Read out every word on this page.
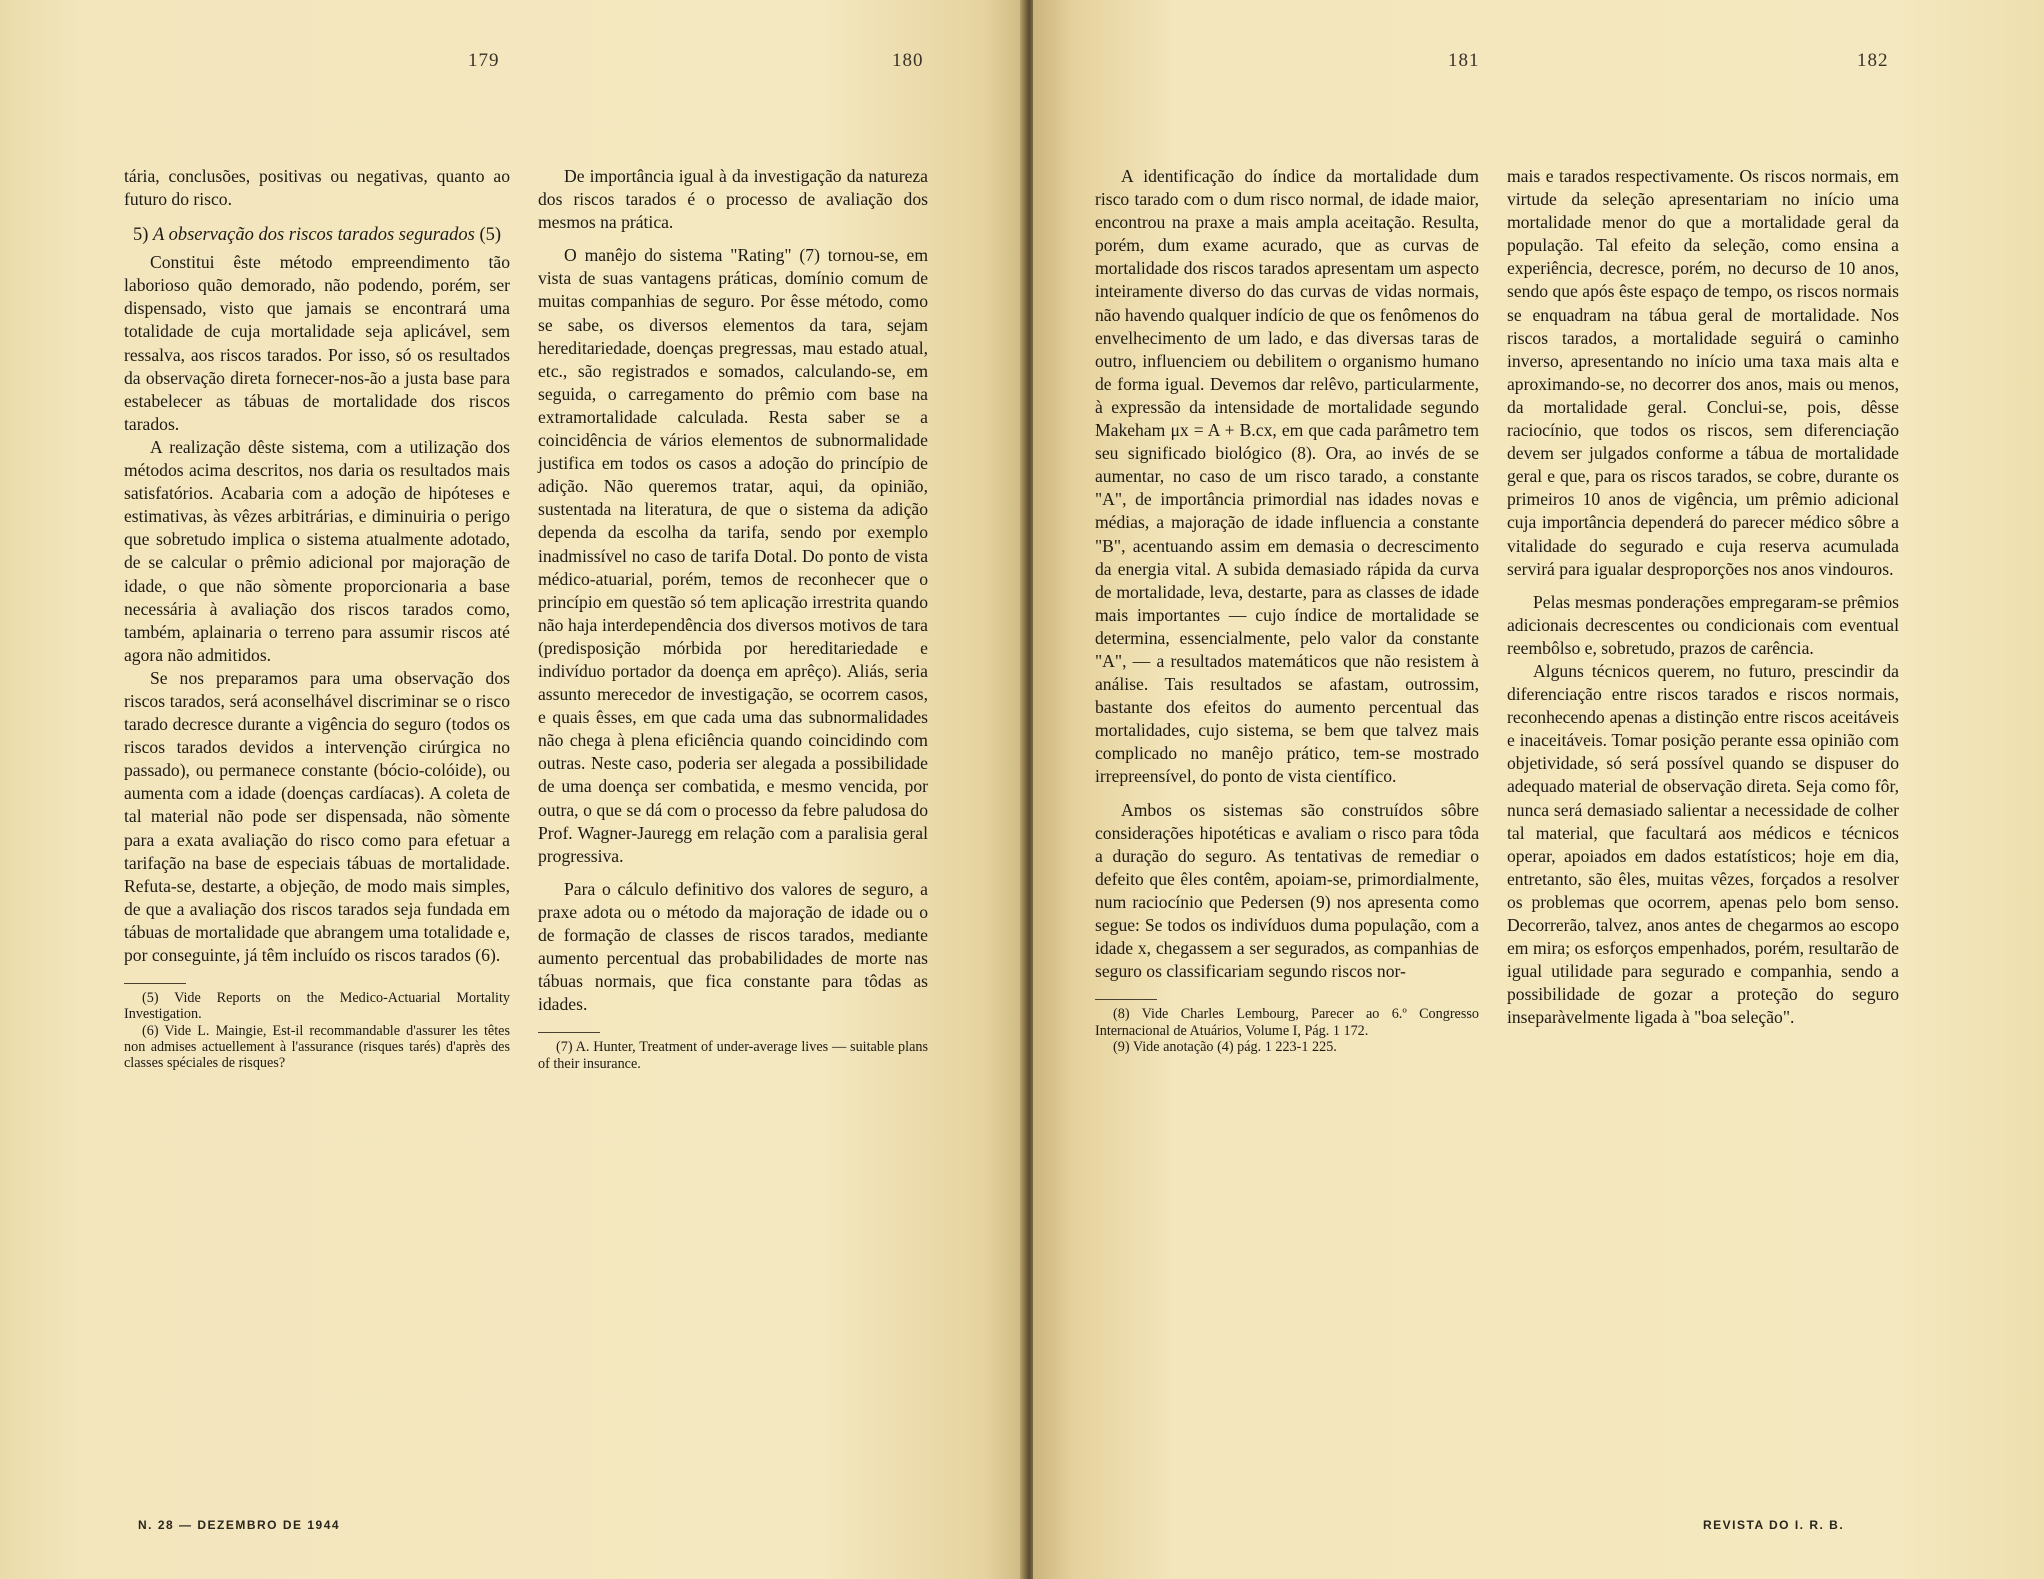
179	180

tária, conclusões, positivas ou negativas, quanto ao futuro do risco.

5) A observação dos riscos tarados segurados (5)

Constitui êste método empreendimento tão laborioso quão demorado, não podendo, porém, ser dispensado, visto que jamais se encontrará uma totalidade de cuja mortalidade seja aplicável, sem ressalva, aos riscos tarados. Por isso, só os resultados da observação direta fornecer-nos-ão a justa base para estabelecer as tábuas de mortalidade dos riscos tarados.

A realização dêste sistema, com a utilização dos métodos acima descritos, nos daria os resultados mais satisfatórios. Acabaria com a adoção de hipóteses e estimativas, às vêzes arbitrárias, e diminuiria o perigo que sobretudo implica o sistema atualmente adotado, de se calcular o prêmio adicional por majoração de idade, o que não sòmente proporcionaria a base necessária à avaliação dos riscos tarados como, também, aplainaria o terreno para assumir riscos até agora não admitidos.

Se nos preparamos para uma observação dos riscos tarados, será aconselhável discriminar se o risco tarado decresce durante a vigência do seguro (todos os riscos tarados devidos a intervenção cirúrgica no passado), ou permanece constante (bócio-colóide), ou aumenta com a idade (doenças cardíacas). A coleta de tal material não pode ser dispensada, não sòmente para a exata avaliação do risco como para efetuar a tarifação na base de especiais tábuas de mortalidade. Refuta-se, destarte, a objeção, de modo mais simples, de que a avaliação dos riscos tarados seja fundada em tábuas de mortalidade que abrangem uma totalidade e, por conseguinte, já têm incluído os riscos tarados (6).

(5) Vide Reports on the Medico-Actuarial Mortality Investigation.

(6) Vide L. Maingie, Est-il recommandable d'assurer les têtes non admises actuellement à l'assurance (risques tarés) d'après des classes spéciales de risques?

De importância igual à da investigação da natureza dos riscos tarados é o processo de avaliação dos mesmos na prática.

O manêjo do sistema "Rating" (7) tornou-se, em vista de suas vantagens práticas, domínio comum de muitas companhias de seguro. Por êsse método, como se sabe, os diversos elementos da tara, sejam hereditariedade, doenças pregressas, mau estado atual, etc., são registrados e somados, calculando-se, em seguida, o carregamento do prêmio com base na extramortalidade calculada. Resta saber se a coincidência de vários elementos de subnormalidade justifica em todos os casos a adoção do princípio de adição. Não queremos tratar, aqui, da opinião, sustentada na literatura, de que o sistema da adição dependa da escolha da tarifa, sendo por exemplo inadmissível no caso de tarifa Dotal. Do ponto de vista médico-atuarial, porém, temos de reconhecer que o princípio em questão só tem aplicação irrestrita quando não haja interdependência dos diversos motivos de tara (predisposição mórbida por hereditariedade e indivíduo portador da doença em aprêço). Aliás, seria assunto merecedor de investigação, se ocorrem casos, e quais êsses, em que cada uma das subnormalidades não chega à plena eficiência quando coincidindo com outras. Neste caso, poderia ser alegada a possibilidade de uma doença ser combatida, e mesmo vencida, por outra, o que se dá com o processo da febre paludosa do Prof. Wagner-Jauregg em relação com a paralisia geral progressiva.

Para o cálculo definitivo dos valores de seguro, a praxe adota ou o método da majoração de idade ou o de formação de classes de riscos tarados, mediante aumento percentual das probabilidades de morte nas tábuas normais, que fica constante para tôdas as idades.

(7) A. Hunter, Treatment of under-average lives — suitable plans of their insurance.

N. 28 — DEZEMBRO DE 1944
181	182

A identificação do índice da mortalidade dum risco tarado com o dum risco normal, de idade maior, encontrou na praxe a mais ampla aceitação. Resulta, porém, dum exame acurado, que as curvas de mortalidade dos riscos tarados apresentam um aspecto inteiramente diverso do das curvas de vidas normais, não havendo qualquer indício de que os fenômenos do envelhecimento de um lado, e das diversas taras de outro, influenciem ou debilitem o organismo humano de forma igual. Devemos dar relêvo, particularmente, à expressão da intensidade de mortalidade segundo Makeham μx = A + B.cx, em que cada parâmetro tem seu significado biológico (8). Ora, ao invés de se aumentar, no caso de um risco tarado, a constante "A", de importância primordial nas idades novas e médias, a majoração de idade influencia a constante "B", acentuando assim em demasia o decrescimento da energia vital. A subida demasiado rápida da curva de mortalidade, leva, destarte, para as classes de idade mais importantes — cujo índice de mortalidade se determina, essencialmente, pelo valor da constante "A", — a resultados matemáticos que não resistem à análise. Tais resultados se afastam, outrossim, bastante dos efeitos do aumento percentual das mortalidades, cujo sistema, se bem que talvez mais complicado no manêjo prático, tem-se mostrado irrepreensível, do ponto de vista científico.

Ambos os sistemas são construídos sôbre considerações hipotéticas e avaliam o risco para tôda a duração do seguro. As tentativas de remediar o defeito que êles contêm, apoiam-se, primordialmente, num raciocínio que Pedersen (9) nos apresenta como segue: Se todos os indivíduos duma população, com a idade x, chegassem a ser segurados, as companhias de seguro os classificariam segundo riscos nor-

(8) Vide Charles Lembourg, Parecer ao 6.º Congresso Internacional de Atuários, Volume I, Pág. 1 172.

(9) Vide anotação (4) pág. 1 223-1 225.

mais e tarados respectivamente. Os riscos normais, em virtude da seleção apresentariam no início uma mortalidade menor do que a mortalidade geral da população. Tal efeito da seleção, como ensina a experiência, decresce, porém, no decurso de 10 anos, sendo que após êste espaço de tempo, os riscos normais se enquadram na tábua geral de mortalidade. Nos riscos tarados, a mortalidade seguirá o caminho inverso, apresentando no início uma taxa mais alta e aproximando-se, no decorrer dos anos, mais ou menos, da mortalidade geral. Conclui-se, pois, dêsse raciocínio, que todos os riscos, sem diferenciação devem ser julgados conforme a tábua de mortalidade geral e que, para os riscos tarados, se cobre, durante os primeiros 10 anos de vigência, um prêmio adicional cuja importância dependerá do parecer médico sôbre a vitalidade do segurado e cuja reserva acumulada servirá para igualar desproporções nos anos vindouros.

Pelas mesmas ponderações empregaram-se prêmios adicionais decrescentes ou condicionais com eventual reembôlso e, sobretudo, prazos de carência.

Alguns técnicos querem, no futuro, prescindir da diferenciação entre riscos tarados e riscos normais, reconhecendo apenas a distinção entre riscos aceitáveis e inaceitáveis. Tomar posição perante essa opinião com objetividade, só será possível quando se dispuser do adequado material de observação direta. Seja como fôr, nunca será demasiado salientar a necessidade de colher tal material, que facultará aos médicos e técnicos operar, apoiados em dados estatísticos; hoje em dia, entretanto, são êles, muitas vêzes, forçados a resolver os problemas que ocorrem, apenas pelo bom senso. Decorrerão, talvez, anos antes de chegarmos ao escopo em mira; os esforços empenhados, porém, resultarão de igual utilidade para segurado e companhia, sendo a possibilidade de gozar a proteção do seguro inseparàvelmente ligada à "boa seleção".

REVISTA DO I. R. B.
